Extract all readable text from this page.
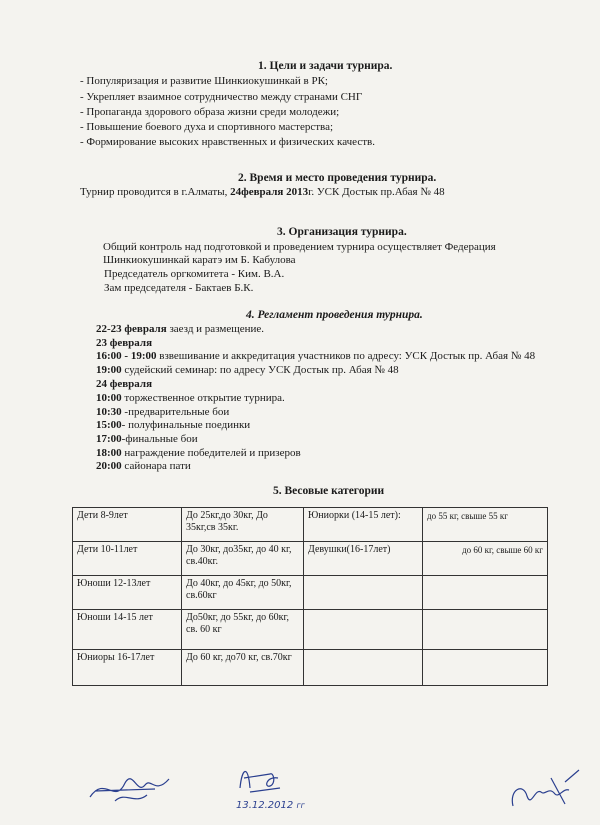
1. Цели и задачи турнира.
- Популяризация и развитие Шинкиокушинкай в РК;
- Укрепляет взаимное сотрудничество между странами СНГ
- Пропаганда здорового образа жизни среди молодежи;
- Повышение боевого духа и спортивного мастерства;
- Формирование высоких нравственных и физических качеств.
2. Время и место проведения турнира.
Турнир проводится в г.Алматы, 24февраля 2013г. УСК Достык пр.Абая № 48
3. Организация турнира.
Общий контроль над подготовкой и проведением турнира осуществляет Федерация
Шинкиокушинкай каратэ им Б. Кабулова
Председатель оргкомитета - Ким. В.А.
Зам председателя - Бактаев Б.К.
4. Регламент проведения турнира.
22-23 февраля заезд и размещение.
23 февраля
16:00 - 19:00 взвешивание и аккредитация участников по адресу: УСК Достык пр. Абая № 48
19:00 судейский семинар: по адресу УСК Достык пр. Абая № 48
24 февраля
10:00 торжественное открытие турнира.
10:30 -предварительные бои
15:00- полуфинальные поединки
17:00-финальные бои
18:00 награждение победителей и призеров
20:00 сайонара пати
5. Весовые категории
Дети 8-9лет	До 25кг,до 30кг, До 35кг,св 35кг.	Юниорки (14-15 лет):	до 55 кг, свыше 55 кг
Дети 10-11лет	До 30кг, до35кг, до 40 кг, св.40кг.	Девушки(16-17лет)	до 60 кг, свыше 60 кг
Юноши 12-13лет	До 40кг, до 45кг, до 50кг, св.60кг		
Юноши 14-15 лет	До50кг, до 55кг, до 60кг, св. 60 кг		
Юниоры 16-17лет	До 60 кг, до70 кг, св.70кг		
13.12.2012 гг
